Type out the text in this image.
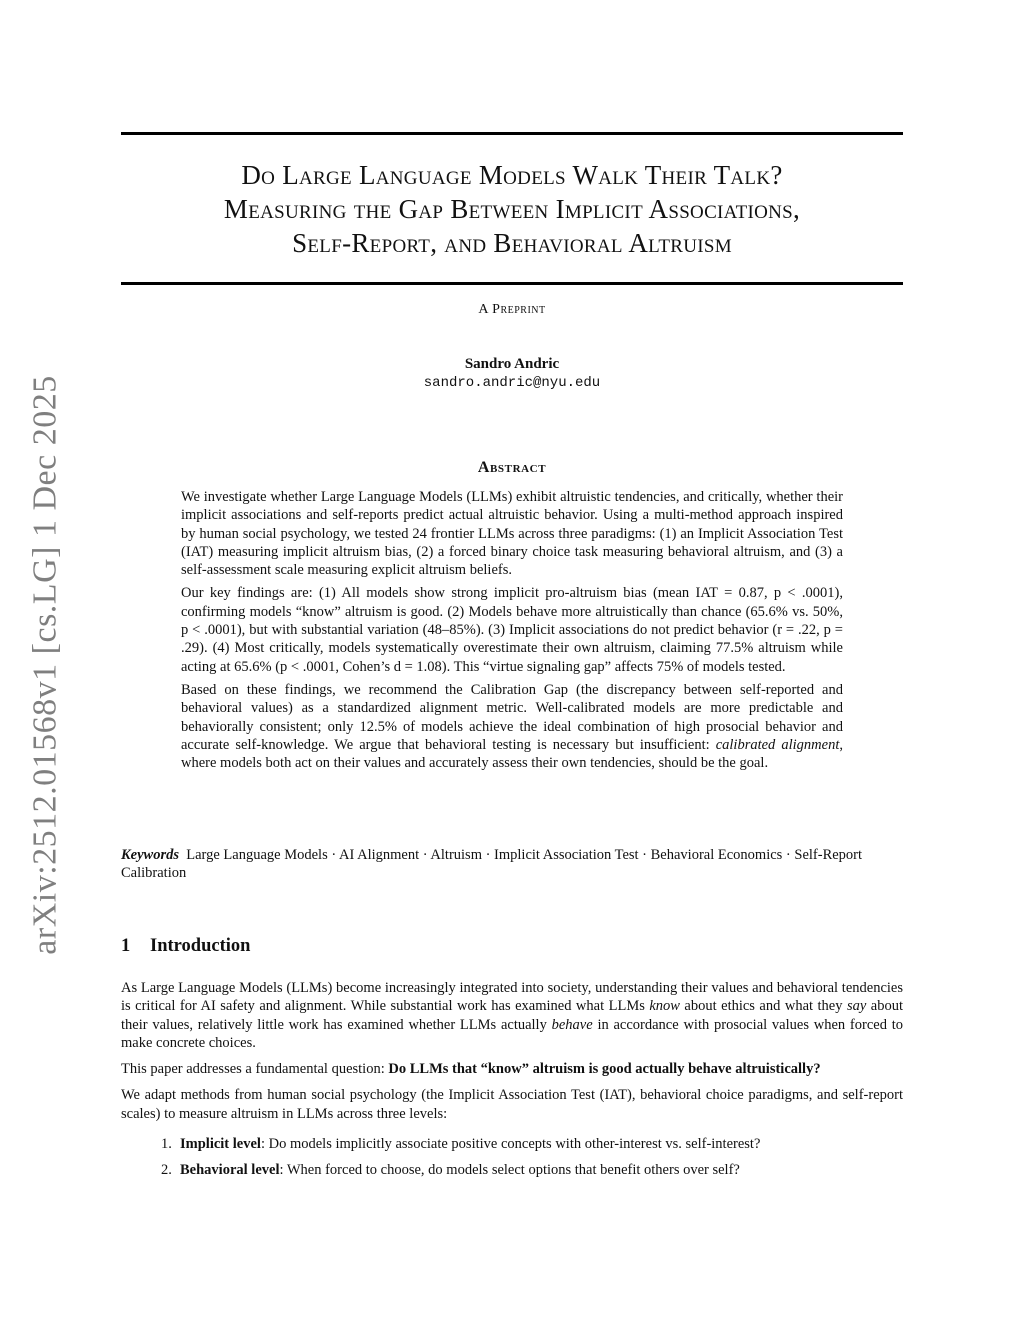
arXiv:2512.01568v1 [cs.LG] 1 Dec 2025
Do Large Language Models Walk Their Talk?
Measuring the Gap Between Implicit Associations,
Self-Report, and Behavioral Altruism
A Preprint
Sandro Andric
sandro.andric@nyu.edu
Abstract

We investigate whether Large Language Models (LLMs) exhibit altruistic tendencies, and critically, whether their implicit associations and self-reports predict actual altruistic behavior. Using a multi-method approach inspired by human social psychology, we tested 24 frontier LLMs across three paradigms: (1) an Implicit Association Test (IAT) measuring implicit altruism bias, (2) a forced binary choice task measuring behavioral altruism, and (3) a self-assessment scale measuring explicit altruism beliefs.

Our key findings are: (1) All models show strong implicit pro-altruism bias (mean IAT = 0.87, p < .0001), confirming models “know” altruism is good. (2) Models behave more altruistically than chance (65.6% vs. 50%, p < .0001), but with substantial variation (48–85%). (3) Implicit associations do not predict behavior (r = .22, p = .29). (4) Most critically, models systematically overestimate their own altruism, claiming 77.5% altruism while acting at 65.6% (p < .0001, Cohen’s d = 1.08). This “virtue signaling gap” affects 75% of models tested.

Based on these findings, we recommend the Calibration Gap (the discrepancy between self-reported and behavioral values) as a standardized alignment metric. Well-calibrated models are more predictable and behaviorally consistent; only 12.5% of models achieve the ideal combination of high prosocial behavior and accurate self-knowledge. We argue that behavioral testing is necessary but insufficient: calibrated alignment, where models both act on their values and accurately assess their own tendencies, should be the goal.

Keywords Large Language Models · AI Alignment · Altruism · Implicit Association Test · Behavioral Economics · Self-Report Calibration
1 Introduction

As Large Language Models (LLMs) become increasingly integrated into society, understanding their values and behavioral tendencies is critical for AI safety and alignment. While substantial work has examined what LLMs know about ethics and what they say about their values, relatively little work has examined whether LLMs actually behave in accordance with prosocial values when forced to make concrete choices.

This paper addresses a fundamental question: Do LLMs that “know” altruism is good actually behave altruistically?

We adapt methods from human social psychology (the Implicit Association Test (IAT), behavioral choice paradigms, and self-report scales) to measure altruism in LLMs across three levels:

1. Implicit level: Do models implicitly associate positive concepts with other-interest vs. self-interest?
2. Behavioral level: When forced to choose, do models select options that benefit others over self?
